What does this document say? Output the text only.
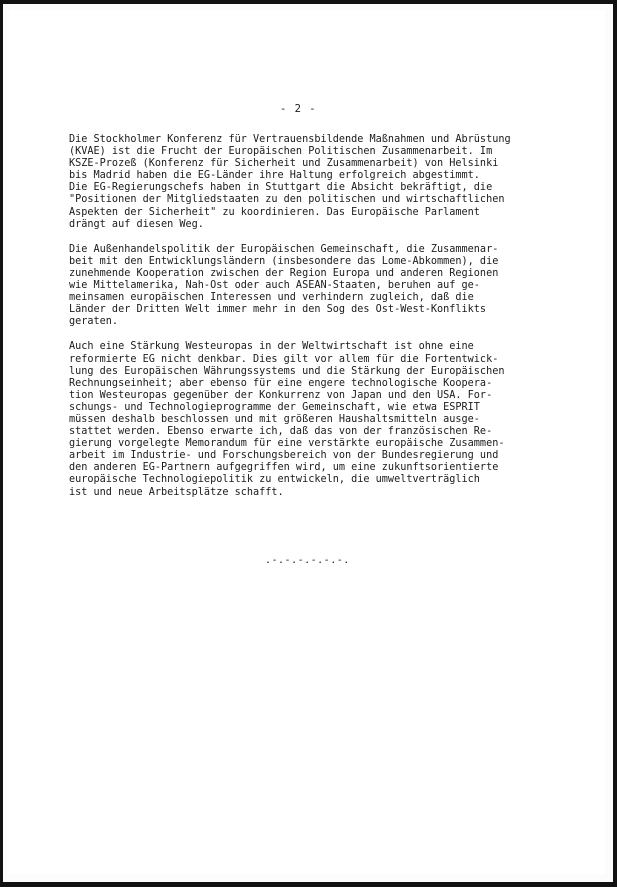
- 2 -

Die Stockholmer Konferenz für Vertrauensbildende Maßnahmen und Abrüstung
(KVAE) ist die Frucht der Europäischen Politischen Zusammenarbeit. Im
KSZE-Prozeß (Konferenz für Sicherheit und Zusammenarbeit) von Helsinki
bis Madrid haben die EG-Länder ihre Haltung erfolgreich abgestimmt.
Die EG-Regierungschefs haben in Stuttgart die Absicht bekräftigt, die
"Positionen der Mitgliedstaaten zu den politischen und wirtschaftlichen
Aspekten der Sicherheit" zu koordinieren. Das Europäische Parlament
drängt auf diesen Weg.

Die Außenhandelspolitik der Europäischen Gemeinschaft, die Zusammenar-
beit mit den Entwicklungsländern (insbesondere das Lome-Abkommen), die
zunehmende Kooperation zwischen der Region Europa und anderen Regionen
wie Mittelamerika, Nah-Ost oder auch ASEAN-Staaten, beruhen auf ge-
meinsamen europäischen Interessen und verhindern zugleich, daß die
Länder der Dritten Welt immer mehr in den Sog des Ost-West-Konflikts
geraten.

Auch eine Stärkung Westeuropas in der Weltwirtschaft ist ohne eine
reformierte EG nicht denkbar. Dies gilt vor allem für die Fortentwick-
lung des Europäischen Währungssystems und die Stärkung der Europäischen
Rechnungseinheit; aber ebenso für eine engere technologische Koopera-
tion Westeuropas gegenüber der Konkurrenz von Japan und den USA. For-
schungs- und Technologieprogramme der Gemeinschaft, wie etwa ESPRIT
müssen deshalb beschlossen und mit größeren Haushaltsmitteln ausge-
stattet werden. Ebenso erwarte ich, daß das von der französischen Re-
gierung vorgelegte Memorandum für eine verstärkte europäische Zusammen-
arbeit im Industrie- und Forschungsbereich von der Bundesregierung und
den anderen EG-Partnern aufgegriffen wird, um eine zukunftsorientierte
europäische Technologiepolitik zu entwickeln, die umweltverträglich
ist und neue Arbeitsplätze schafft.

.-.-.-.-.-.-.
